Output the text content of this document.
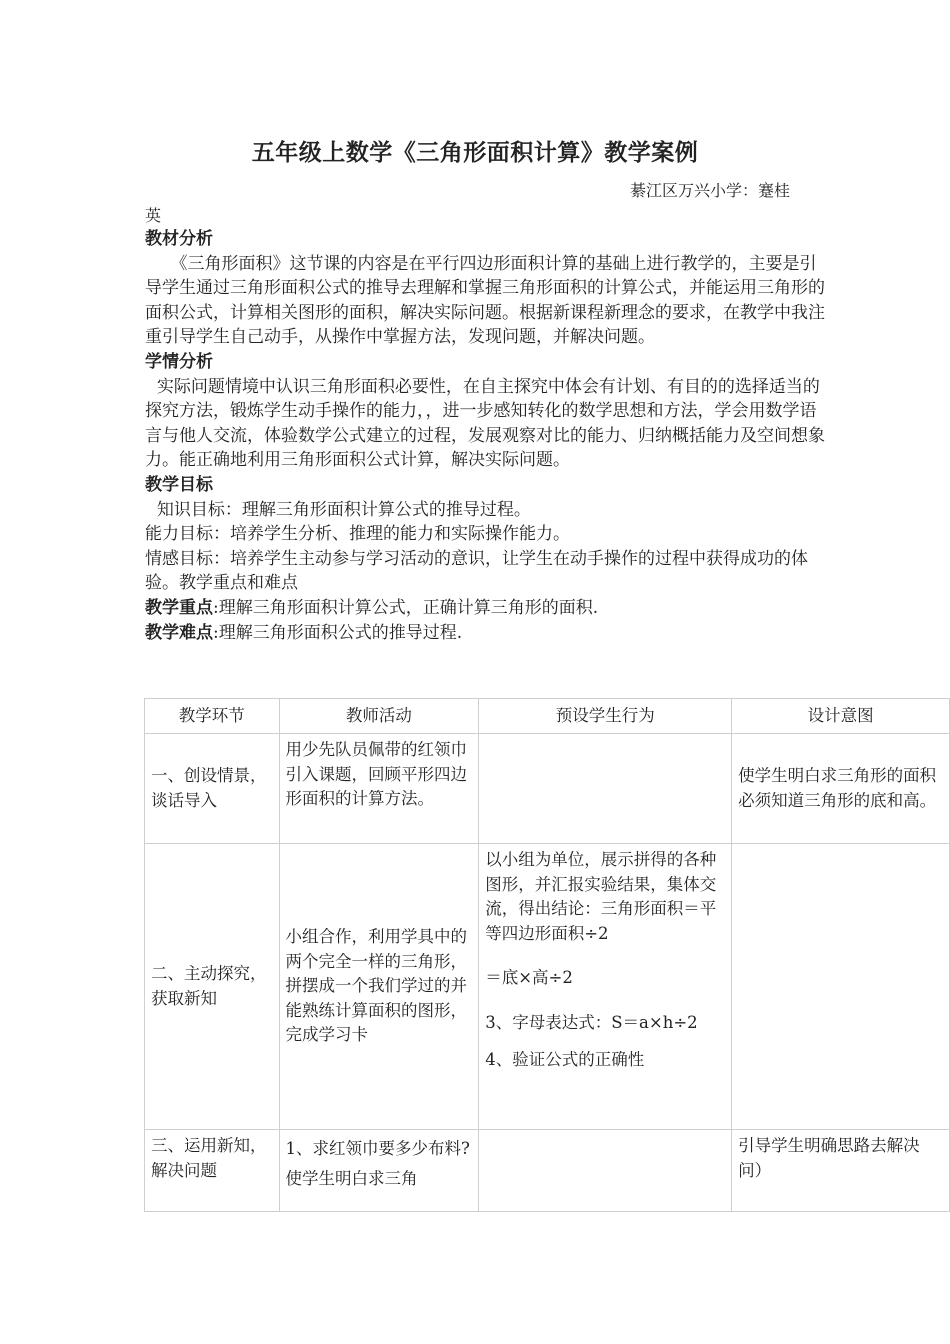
五年级上数学《三角形面积计算》教学案例
綦江区万兴小学：蹇桂
英

教材分析

《三角形面积》这节课的内容是在平行四边形面积计算的基础上进行教学的，主要是引导学生通过三角形面积公式的推导去理解和掌握三角形面积的计算公式，并能运用三角形的面积公式，计算相关图形的面积，解决实际问题。根据新课程新理念的要求，在教学中我注重引导学生自己动手，从操作中掌握方法，发现问题，并解决问题。

学情分析

实际问题情境中认识三角形面积必要性，在自主探究中体会有计划、有目的的选择适当的探究方法，锻炼学生动手操作的能力，，进一步感知转化的数学思想和方法，学会用数学语言与他人交流，体验数学公式建立的过程，发展观察对比的能力、归纳概括能力及空间想象力。能正确地利用三角形面积公式计算，解决实际问题。

教学目标

知识目标：理解三角形面积计算公式的推导过程。

能力目标：培养学生分析、推理的能力和实际操作能力。

情感目标：培养学生主动参与学习活动的意识，让学生在动手操作的过程中获得成功的体验。教学重点和难点

教学重点:理解三角形面积计算公式，正确计算三角形的面积.

教学难点:理解三角形面积公式的推导过程.

教学环节	教师活动	预设学生行为	设计意图
一、创设情景，谈话导入	用少先队员佩带的红领巾引入课题，回顾平形四边形面积的计算方法。		使学生明白求三角形的面积必须知道三角形的底和高。
二、主动探究，获取新知	小组合作，利用学具中的两个完全一样的三角形，拼摆成一个我们学过的并能熟练计算面积的图形，完成学习卡	以小组为单位，展示拼得的各种图形，并汇报实验结果，集体交流，得出结论：三角形面积＝平等四边形面积÷2
＝底×高÷2
3、字母表达式：S＝a×h÷2
4、验证公式的正确性	

三、运用新知，解决问题	1、求红领巾要多少布料?使学生明白求三角		引导学生明确思路去解决问）
